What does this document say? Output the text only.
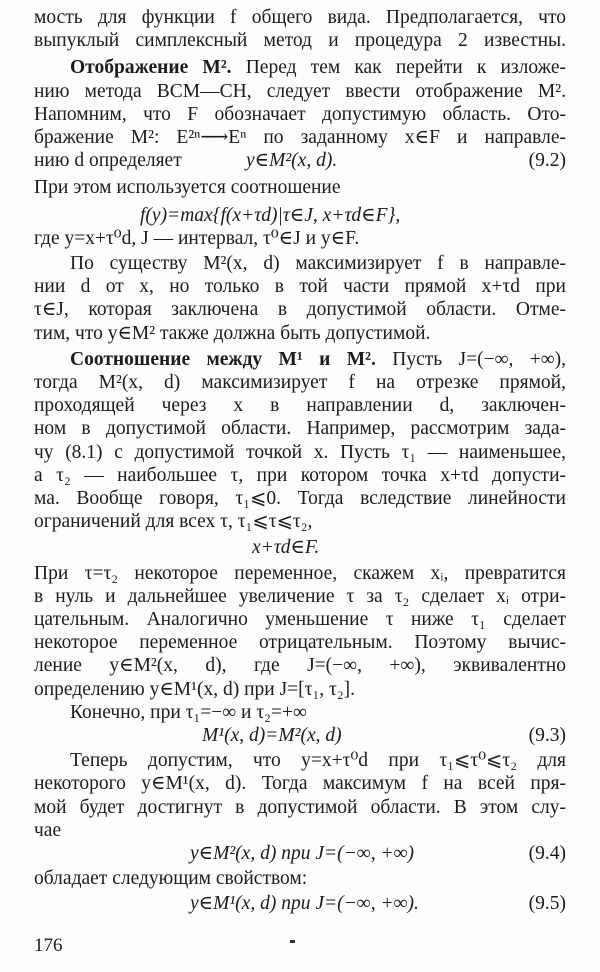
176
мость для функции f общего вида. Предполагается, что
выпуклый симплексный метод и процедура 2 известны.
Отображение M². Перед тем как перейти к изложе-
нию метода ВСМ—СН, следует ввести отображение M².
Напомним, что F обозначает допустимую область. Ото-
бражение M²: E²ⁿ⟶Eⁿ по заданному x∈F и направле-
нию d определяет	y∈M²(x, d).	(9.2)
При этом используется соотношение
f(y)=max{f(x+τd)|τ∈J, x+τd∈F},
где y=x+τ⁰d, J — интервал, τ⁰∈J и y∈F.
По существу M²(x, d) максимизирует f в направле-
нии d от x, но только в той части прямой x+τd при
τ∈J, которая заключена в допустимой области. Отме-
тим, что y∈M² также должна быть допустимой.
Соотношение между M¹ и M². Пусть J=(−∞, +∞),
тогда M²(x, d) максимизирует f на отрезке прямой,
проходящей через x в направлении d, заключен-
ном в допустимой области. Например, рассмотрим зада-
чу (8.1) с допустимой точкой x. Пусть τ₁ — наименьшее,
а τ₂ — наибольшее τ, при котором точка x+τd допусти-
ма. Вообще говоря, τ₁⩽0. Тогда вследствие линейности
ограничений для всех τ, τ₁⩽τ⩽τ₂,
x+τd∈F.
При τ=τ₂ некоторое переменное, скажем xᵢ, превратится
в нуль и дальнейшее увеличение τ за τ₂ сделает xᵢ отри-
цательным. Аналогично уменьшение τ ниже τ₁ сделает
некоторое переменное отрицательным. Поэтому вычис-
ление y∈M²(x, d), где J=(−∞, +∞), эквивалентно
определению y∈M¹(x, d) при J=[τ₁, τ₂].
Конечно, при τ₁=−∞ и τ₂=+∞
M¹(x, d)=M²(x, d)	(9.3)
Теперь допустим, что y=x+τ⁰d при τ₁⩽τ⁰⩽τ₂ для
некоторого y∈M¹(x, d). Тогда максимум f на всей пря-
мой будет достигнут в допустимой области. В этом слу-
чае
y∈M²(x, d) при J=(−∞, +∞)	(9.4)
обладает следующим свойством:
y∈M¹(x, d) при J=(−∞, +∞).	(9.5)
